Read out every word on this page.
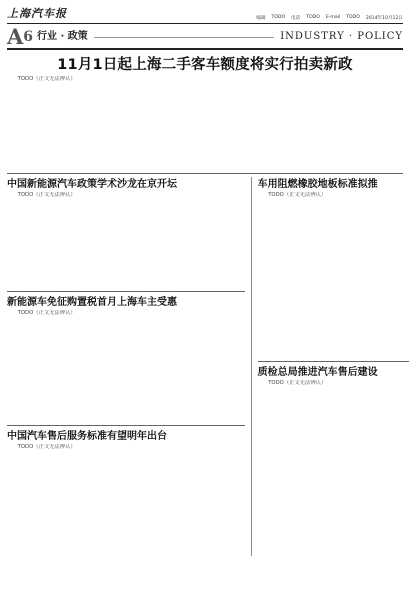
上海汽车报	编辑 TODO 电话 TODO E-mail TODO 2014年10月12日
A 6 行业 · 政策	INDUSTRY · POLICY
11月1日起上海二手客车额度将实行拍卖新政

TODO（正文无法辨认）

中国新能源汽车政策学术沙龙在京开坛

TODO（正文无法辨认）

新能源车免征购置税首月上海车主受惠

TODO（正文无法辨认）

中国汽车售后服务标准有望明年出台

TODO（正文无法辨认）

车用阻燃橡胶地板标准拟推

TODO（正文无法辨认）

质检总局推进汽车售后建设

TODO（正文无法辨认）
